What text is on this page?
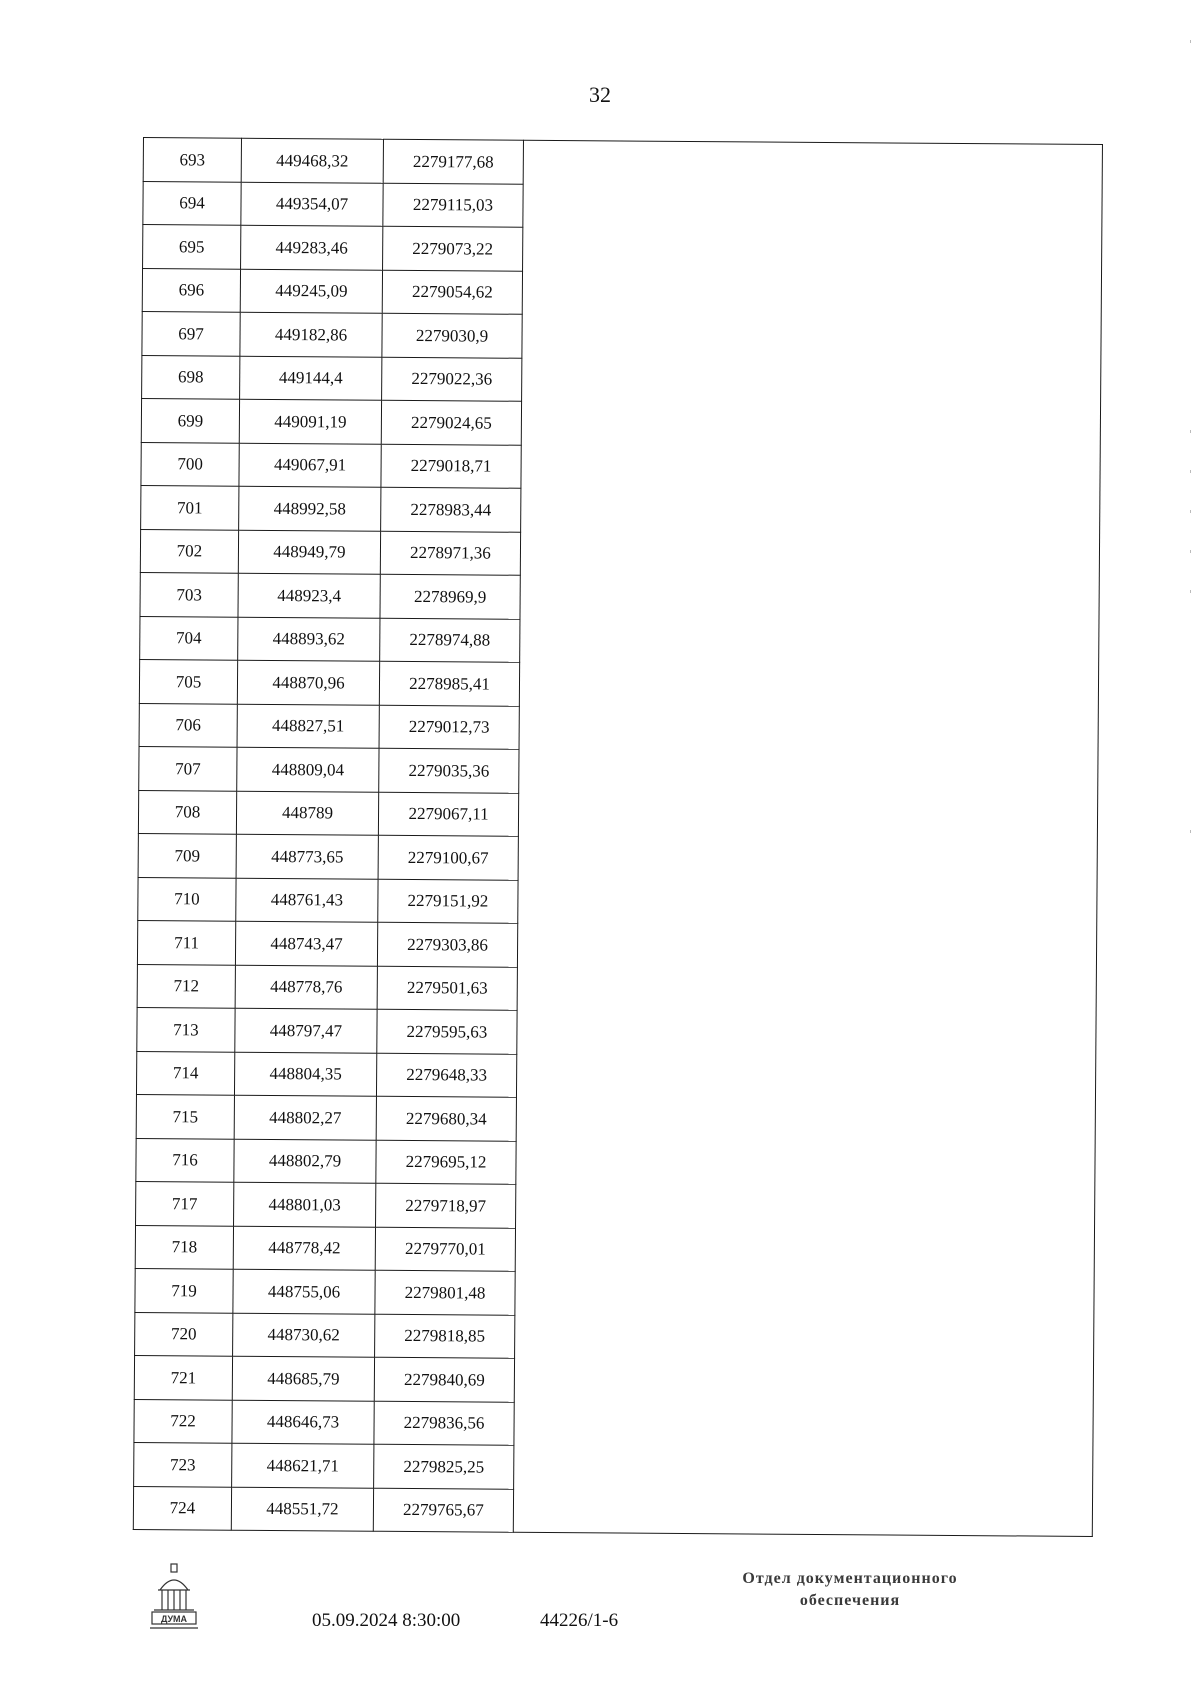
32
693	449468,32	2279177,68	
694	449354,07	2279115,03	
695	449283,46	2279073,22	
696	449245,09	2279054,62	
697	449182,86	2279030,9	
698	449144,4	2279022,36	
699	449091,19	2279024,65	
700	449067,91	2279018,71	
701	448992,58	2278983,44	
702	448949,79	2278971,36	
703	448923,4	2278969,9	
704	448893,62	2278974,88	
705	448870,96	2278985,41	
706	448827,51	2279012,73	
707	448809,04	2279035,36	
708	448789	2279067,11	
709	448773,65	2279100,67	
710	448761,43	2279151,92	
711	448743,47	2279303,86	
712	448778,76	2279501,63	
713	448797,47	2279595,63	
714	448804,35	2279648,33	
715	448802,27	2279680,34	
716	448802,79	2279695,12	
717	448801,03	2279718,97	
718	448778,42	2279770,01	
719	448755,06	2279801,48	
720	448730,62	2279818,85	
721	448685,79	2279840,69	
722	448646,73	2279836,56	
723	448621,71	2279825,25	
724	448551,72	2279765,67	
ДУМА	05.09.2024 8:30:00	44226/1-6
Отдел документационного
обеспечения
